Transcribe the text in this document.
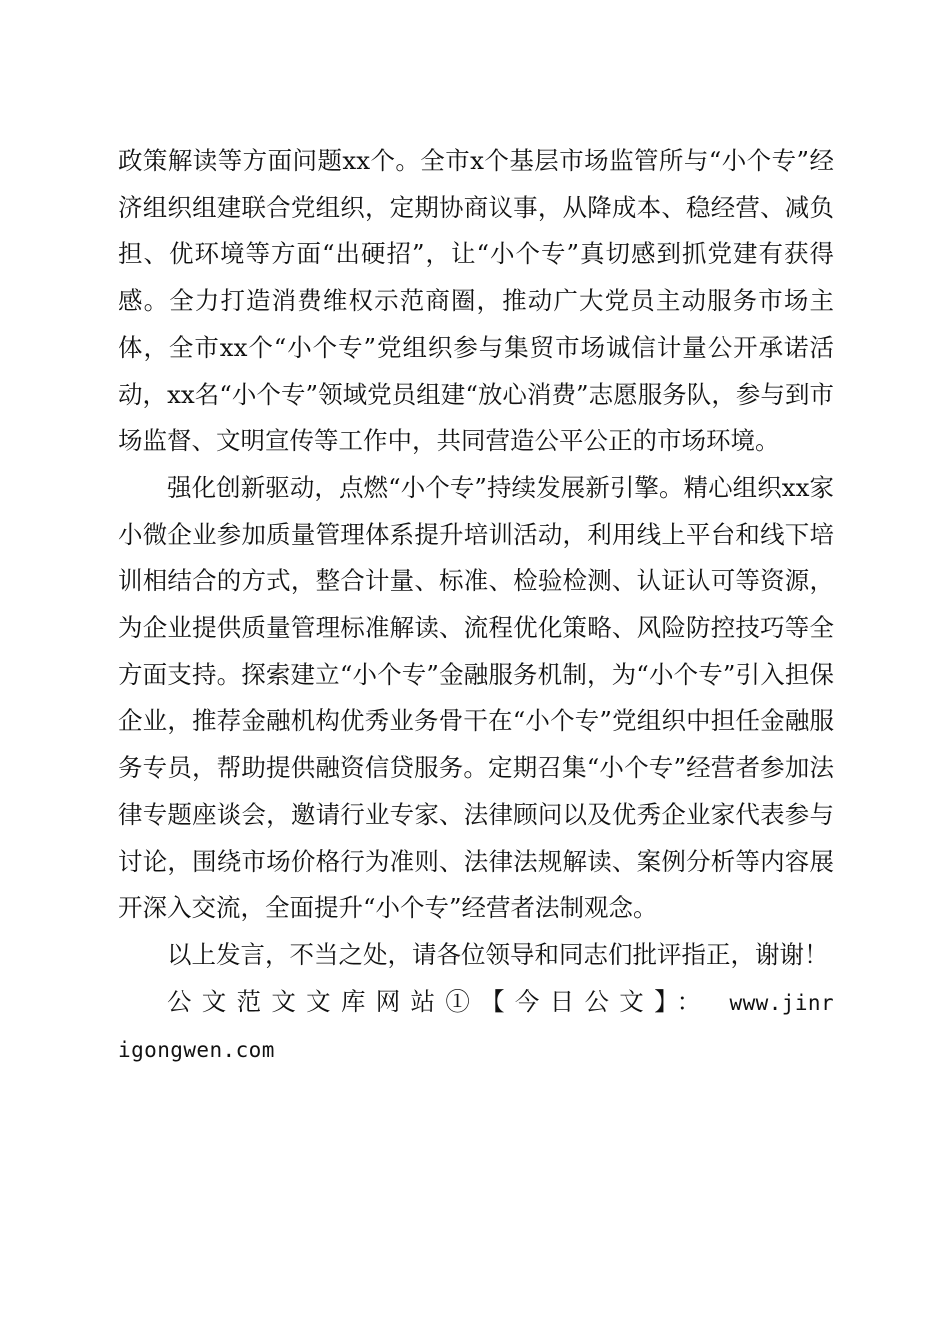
政策解读等方面问题xx个。全市x个基层市场监管所与“小个专”经济组织组建联合党组织，定期协商议事，从降成本、稳经营、减负担、优环境等方面“出硬招”，让“小个专”真切感到抓党建有获得感。全力打造消费维权示范商圈，推动广大党员主动服务市场主体，全市xx个“小个专”党组织参与集贸市场诚信计量公开承诺活动，xx名“小个专”领域党员组建“放心消费”志愿服务队，参与到市场监督、文明宣传等工作中，共同营造公平公正的市场环境。

强化创新驱动，点燃“小个专”持续发展新引擎。精心组织xx家小微企业参加质量管理体系提升培训活动，利用线上平台和线下培训相结合的方式，整合计量、标准、检验检测、认证认可等资源，为企业提供质量管理标准解读、流程优化策略、风险防控技巧等全方面支持。探索建立“小个专”金融服务机制，为“小个专”引入担保企业，推荐金融机构优秀业务骨干在“小个专”党组织中担任金融服务专员，帮助提供融资信贷服务。定期召集“小个专”经营者参加法律专题座谈会，邀请行业专家、法律顾问以及优秀企业家代表参与讨论，围绕市场价格行为准则、法律法规解读、案例分析等内容展开深入交流，全面提升“小个专”经营者法制观念。

以上发言，不当之处，请各位领导和同志们批评指正，谢谢！

公文范文文库网站①【今日公文】： www.jinrigongwen.com
